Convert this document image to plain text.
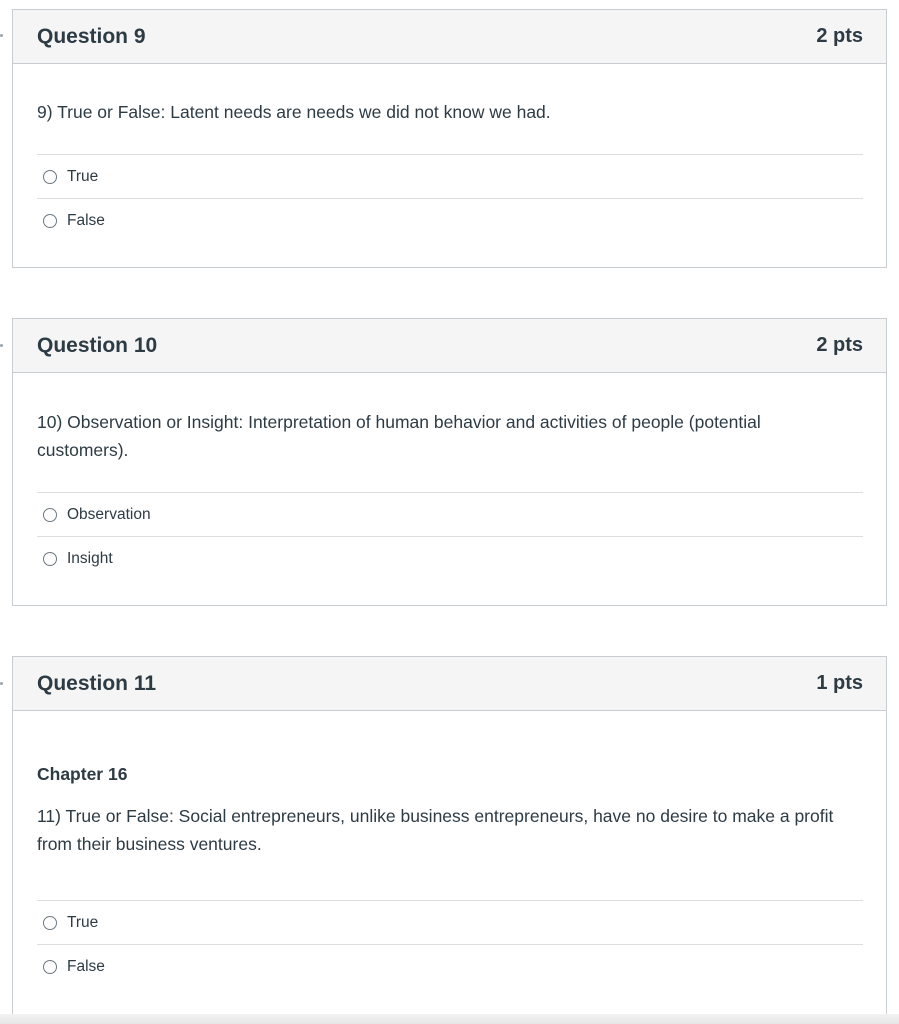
Question 9	2 pts

9) True or False: Latent needs are needs we did not know we had.

True
False
Question 10	2 pts

10) Observation or Insight: Interpretation of human behavior and activities of people (potential customers).

Observation
Insight
Question 11	1 pts

Chapter 16

11) True or False: Social entrepreneurs, unlike business entrepreneurs, have no desire to make a profit from their business ventures.

True
False
